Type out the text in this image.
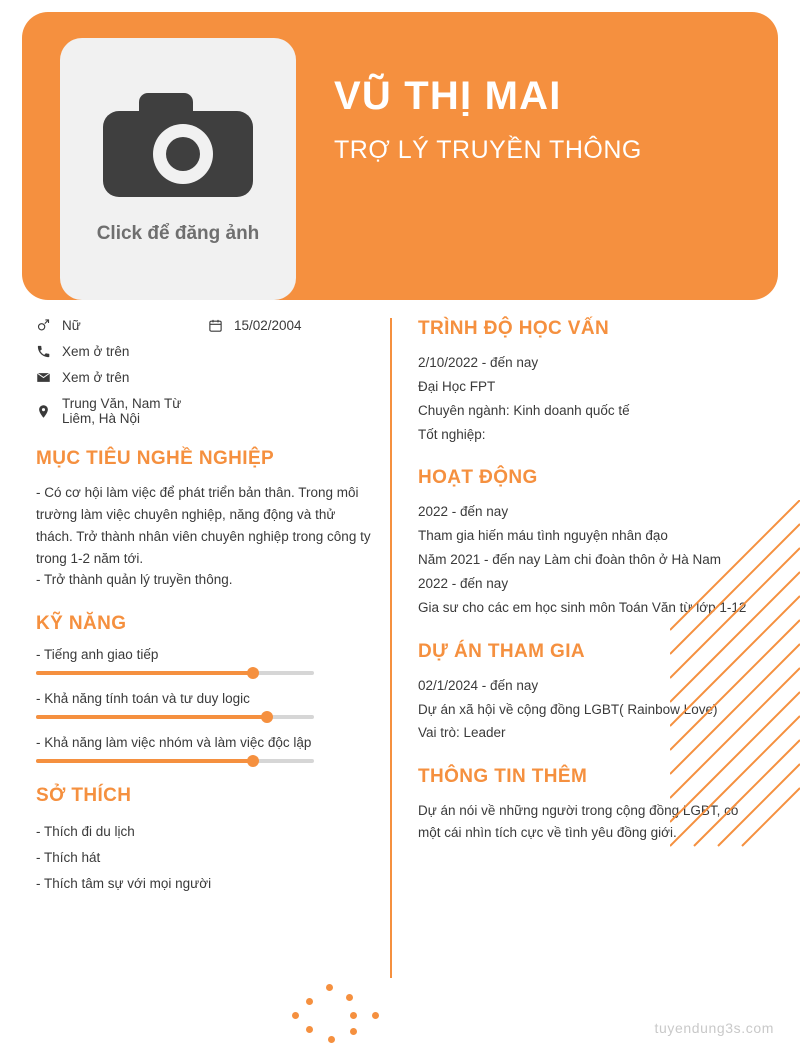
Click để đăng ảnh
VŨ THỊ MAI
TRỢ LÝ TRUYỀN THÔNG
Nữ	15/02/2004
Xem ở trên
Xem ở trên
Trung Văn, Nam Từ Liêm, Hà Nội
MỤC TIÊU NGHỀ NGHIỆP

- Có cơ hội làm việc để phát triển bản thân. Trong môi trường làm việc chuyên nghiệp, năng động và thử thách. Trở thành nhân viên chuyên nghiệp trong công ty trong 1-2 năm tới.

- Trở thành quản lý truyền thông.

KỸ NĂNG
- Tiếng anh giao tiếp
- Khả năng tính toán và tư duy logic
- Khả năng làm việc nhóm và làm việc độc lập
SỞ THÍCH
- Thích đi du lịch
- Thích hát
- Thích tâm sự với mọi người
TRÌNH ĐỘ HỌC VẤN
2/10/2022 - đến nay
Đại Học FPT
Chuyên ngành: Kinh doanh quốc tế
Tốt nghiệp:
HOẠT ĐỘNG
2022 - đến nay
Tham gia hiến máu tình nguyện nhân đạo
Năm 2021 - đến nay Làm chi đoàn thôn ở Hà Nam
2022 - đến nay
Gia sư cho các em học sinh môn Toán Văn từ lớp 1-12
DỰ ÁN THAM GIA
02/1/2024 - đến nay
Dự án xã hội về cộng đồng LGBT( Rainbow Love)
Vai trò: Leader
THÔNG TIN THÊM

Dự án nói về những người trong cộng đồng LGBT, có một cái nhìn tích cực về tình yêu đồng giới.

tuyendung3s.com
